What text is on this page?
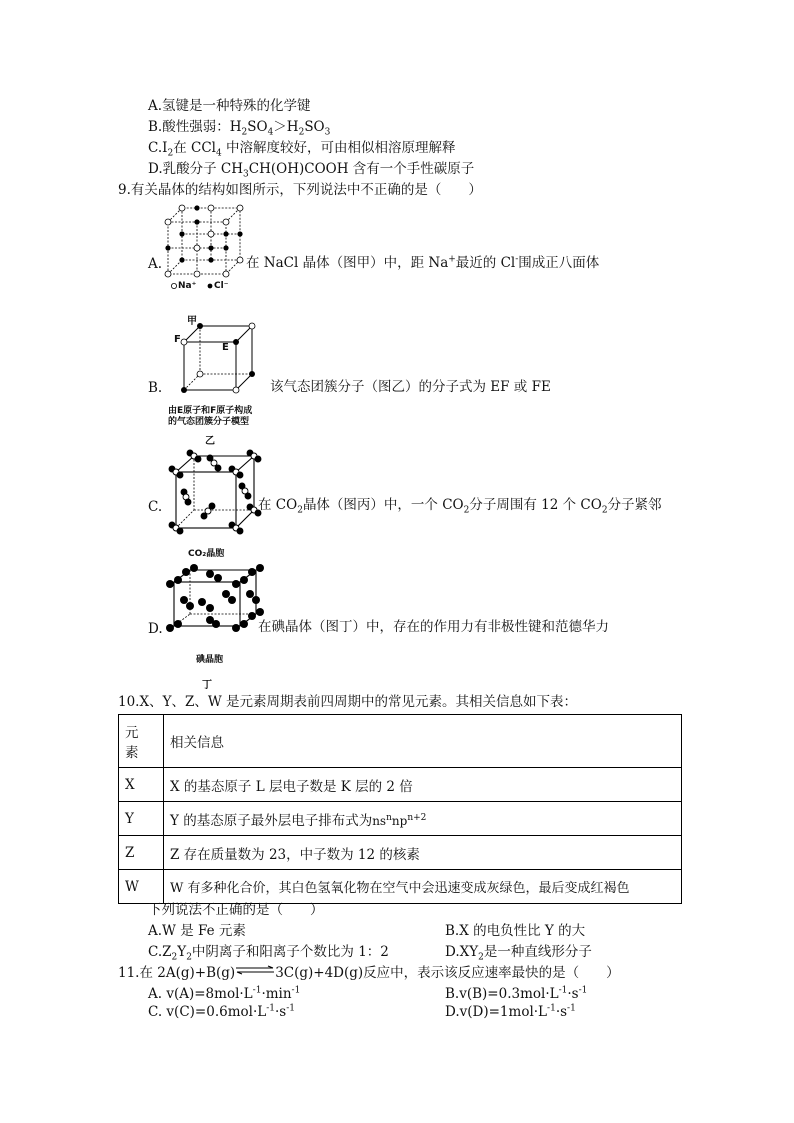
A.氢键是一种特殊的化学键
B.酸性强弱：$H_2SO_4>H_2SO_3$
$C.I_2$在 CCl$_4$ 中溶解度较好，可由相似相溶原理解释
D.乳酸分子 $CH_3CH(OH)COOH$ 含有一个手性碳原子
9.有关晶体的结构如图所示，下列说法中不正确的是（　　）
Na⁺ Cl⁻
A.	在 NaCl 晶体（图甲）中，距 Na+最近的 Cl-围成正八面体
甲
F
E
B.	该气态团簇分子（图乙）的分子式为 EF 或 FE
由E原子和F原子构成
的气态团簇分子模型
乙
C.	在 $CO_2$晶体（图丙）中，一个 $CO_2$分子周围有 12 个 $CO_2$分子紧邻
CO₂晶胞
D.	在碘晶体（图丁）中，存在的作用力有非极性键和范德华力
碘晶胞
丁
10.X、Y、Z、W 是元素周期表前四周期中的常见元素。其相关信息如下表：
元
素	相关信息
X	X 的基态原子 L 层电子数是 K 层的 2 倍
Y	Y 的基态原子最外层电子排布式为$ns^nnp^{n+2}$
Z	Z 存在质量数为 23，中子数为 12 的核素
W	W 有多种化合价，其白色氢氧化物在空气中会迅速变成灰绿色，最后变成红褐色
下列说法不正确的是（　　）
A.W 是 Fe 元素	B.X 的电负性比 Y 的大
$C.Z_2Y_2$中阴离子和阳离子个数比为 1：2	$D.XY_2$是一种直线形分子
11.在 2A(g)+B(g)⇌3C(g)+4D(g)反应中，表示该反应速率最快的是（　　）
A. $v(A)=8mol\cdot L^{-1}\cdot\min^{-1}$	$B.v(B)=0.3mol\cdot L^{-1}\cdot s^{-1}$
C. $v(C)=0.6mol\cdot L^{-1}\cdot s^{-1}$	$D.v(D)=1mol\cdot L^{-1}\cdot s^{-1}$
